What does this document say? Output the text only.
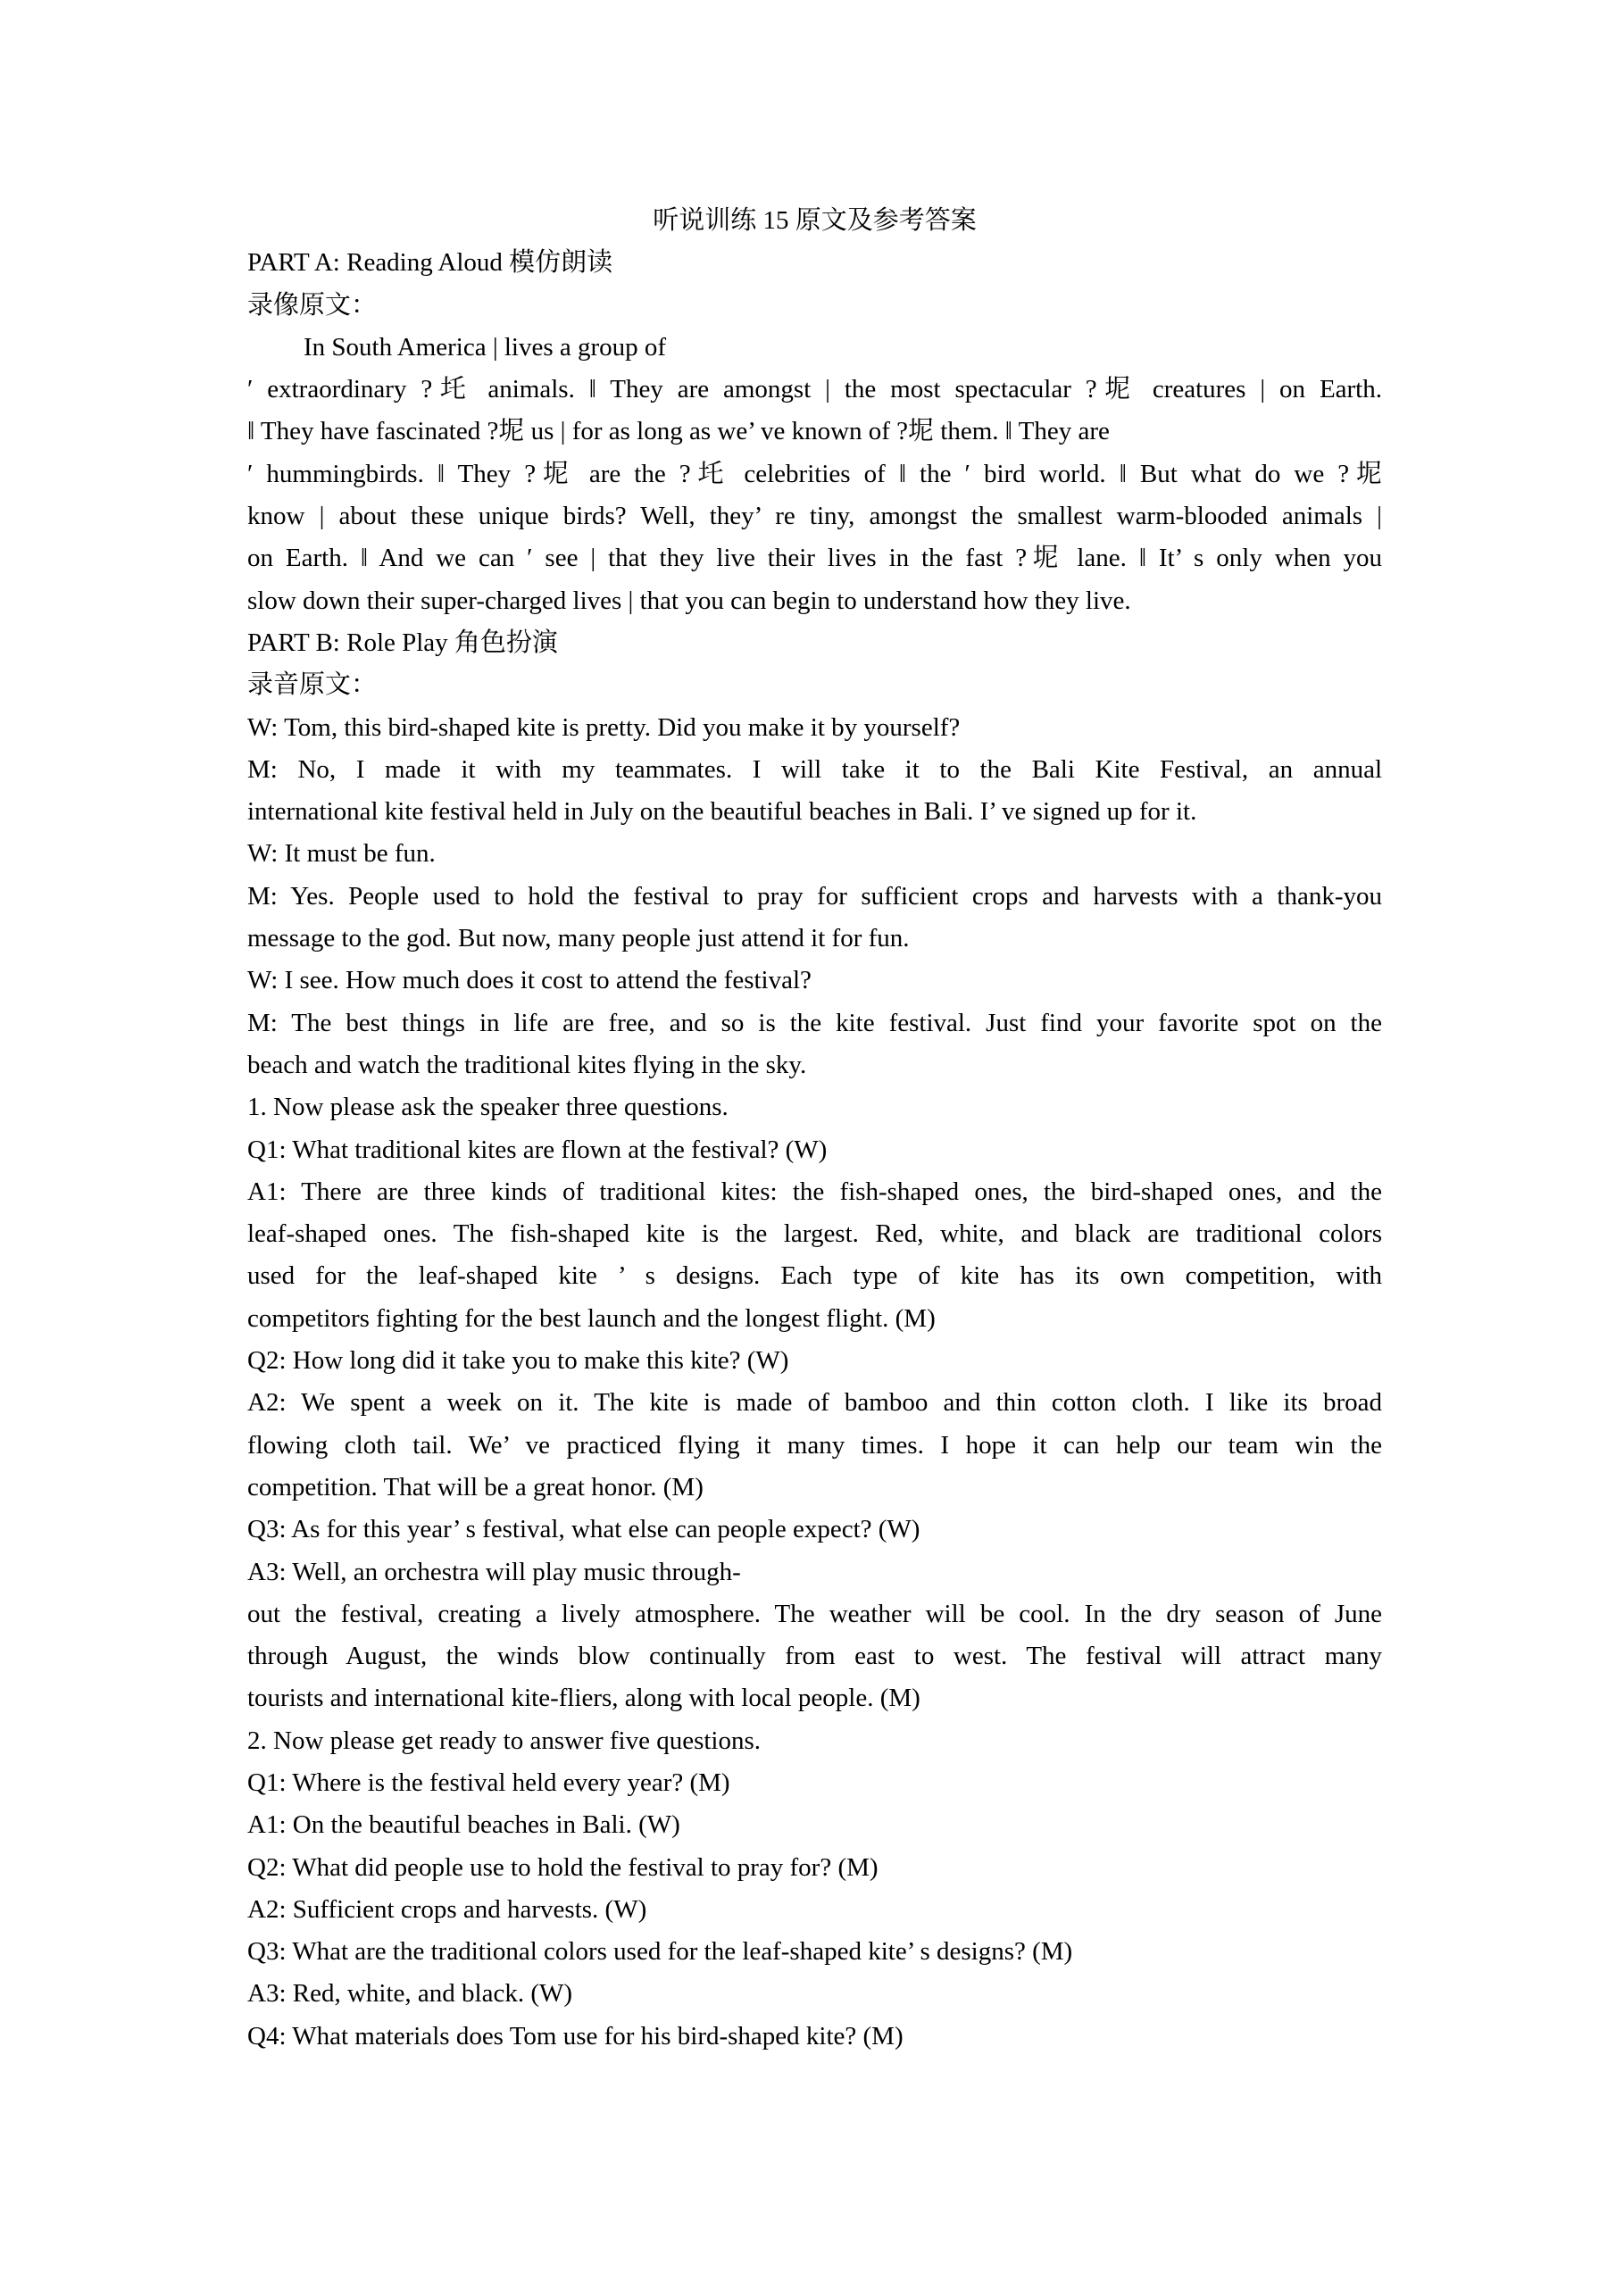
听说训练 15 原文及参考答案
PART A: Reading Aloud 模仿朗读
录像原文：
In South America | lives a group of
′ extraordinary ?圫 animals. ‖ They are amongst | the most spectacular ?坭 creatures | on Earth.
‖ They have fascinated ?坭 us | for as long as we’ ve known of ?坭 them. ‖ They are
′ hummingbirds. ‖ They ?坭 are the ?圫 celebrities of ‖ the ′ bird world. ‖ But what do we ?坭
know | about these unique birds? Well, they’ re tiny, amongst the smallest warm-blooded animals |
on Earth. ‖ And we can ′ see | that they live their lives in the fast ?坭 lane. ‖ It’ s only when you
slow down their super-charged lives | that you can begin to understand how they live.
PART B: Role Play 角色扮演
录音原文：
W: Tom, this bird-shaped kite is pretty. Did you make it by yourself?
M: No, I made it with my teammates. I will take it to the Bali Kite Festival, an annual
international kite festival held in July on the beautiful beaches in Bali. I’ ve signed up for it.
W: It must be fun.
M: Yes. People used to hold the festival to pray for sufficient crops and harvests with a thank-you
message to the god. But now, many people just attend it for fun.
W: I see. How much does it cost to attend the festival?
M: The best things in life are free, and so is the kite festival. Just find your favorite spot on the
beach and watch the traditional kites flying in the sky.
1. Now please ask the speaker three questions.
Q1: What traditional kites are flown at the festival? (W)
A1: There are three kinds of traditional kites: the fish-shaped ones, the bird-shaped ones, and the
leaf-shaped ones. The fish-shaped kite is the largest. Red, white, and black are traditional colors
used for the leaf-shaped kite ’ s designs. Each type of kite has its own competition, with
competitors fighting for the best launch and the longest flight. (M)
Q2: How long did it take you to make this kite? (W)
A2: We spent a week on it. The kite is made of bamboo and thin cotton cloth. I like its broad
flowing cloth tail. We’ ve practiced flying it many times. I hope it can help our team win the
competition. That will be a great honor. (M)
Q3: As for this year’ s festival, what else can people expect? (W)
A3: Well, an orchestra will play music through-
out the festival, creating a lively atmosphere. The weather will be cool. In the dry season of June
through August, the winds blow continually from east to west. The festival will attract many
tourists and international kite-fliers, along with local people. (M)
2. Now please get ready to answer five questions.
Q1: Where is the festival held every year? (M)
A1: On the beautiful beaches in Bali. (W)
Q2: What did people use to hold the festival to pray for? (M)
A2: Sufficient crops and harvests. (W)
Q3: What are the traditional colors used for the leaf-shaped kite’ s designs? (M)
A3: Red, white, and black. (W)
Q4: What materials does Tom use for his bird-shaped kite? (M)
